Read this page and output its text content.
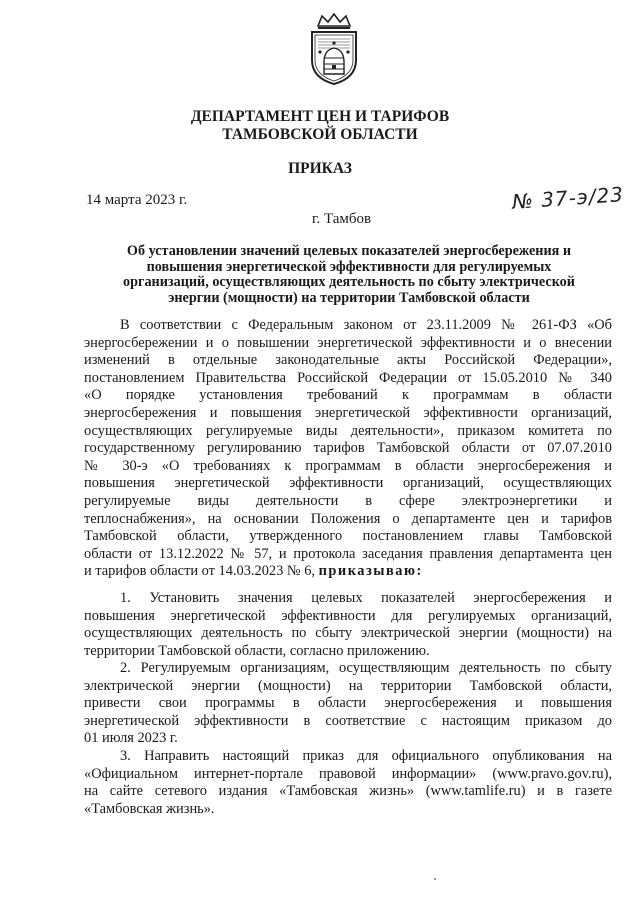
ДЕПАРТАМЕНТ ЦЕН И ТАРИФОВ
ТАМБОВСКОЙ ОБЛАСТИ
ПРИКАЗ
14 марта 2023 г.	№ 37-э/23
г. Тамбов
Об установлении значений целевых показателей энергосбережения и
повышения энергетической эффективности для регулируемых
организаций, осуществляющих деятельность по сбыту электрической
энергии (мощности) на территории Тамбовской области
В соответствии с Федеральным законом от 23.11.2009 № 261-ФЗ «Об
энергосбережении и о повышении энергетической эффективности и о внесении
изменений в отдельные законодательные акты Российской Федерации»,
постановлением Правительства Российской Федерации от 15.05.2010 № 340
«О порядке установления требований к программам в области
энергосбережения и повышения энергетической эффективности организаций,
осуществляющих регулируемые виды деятельности», приказом комитета по
государственному регулированию тарифов Тамбовской области от 07.07.2010
№ 30-э «О требованиях к программам в области энергосбережения и
повышения энергетической эффективности организаций, осуществляющих
регулируемые виды деятельности в сфере электроэнергетики и
теплоснабжения», на основании Положения о департаменте цен и тарифов
Тамбовской области, утвержденного постановлением главы Тамбовской
области от 13.12.2022 № 57, и протокола заседания правления департамента цен
и тарифов области от 14.03.2023 № 6, приказываю:
1. Установить значения целевых показателей энергосбережения и
повышения энергетической эффективности для регулируемых организаций,
осуществляющих деятельность по сбыту электрической энергии (мощности) на
территории Тамбовской области, согласно приложению.
2. Регулируемым организациям, осуществляющим деятельность по сбыту
электрической энергии (мощности) на территории Тамбовской области,
привести свои программы в области энергосбережения и повышения
энергетической эффективности в соответствие с настоящим приказом до
01 июля 2023 г.
3. Направить настоящий приказ для официального опубликования на
«Официальном интернет-портале правовой информации» (www.pravo.gov.ru),
на сайте сетевого издания «Тамбовская жизнь» (www.tamlife.ru) и в газете
«Тамбовская жизнь».
